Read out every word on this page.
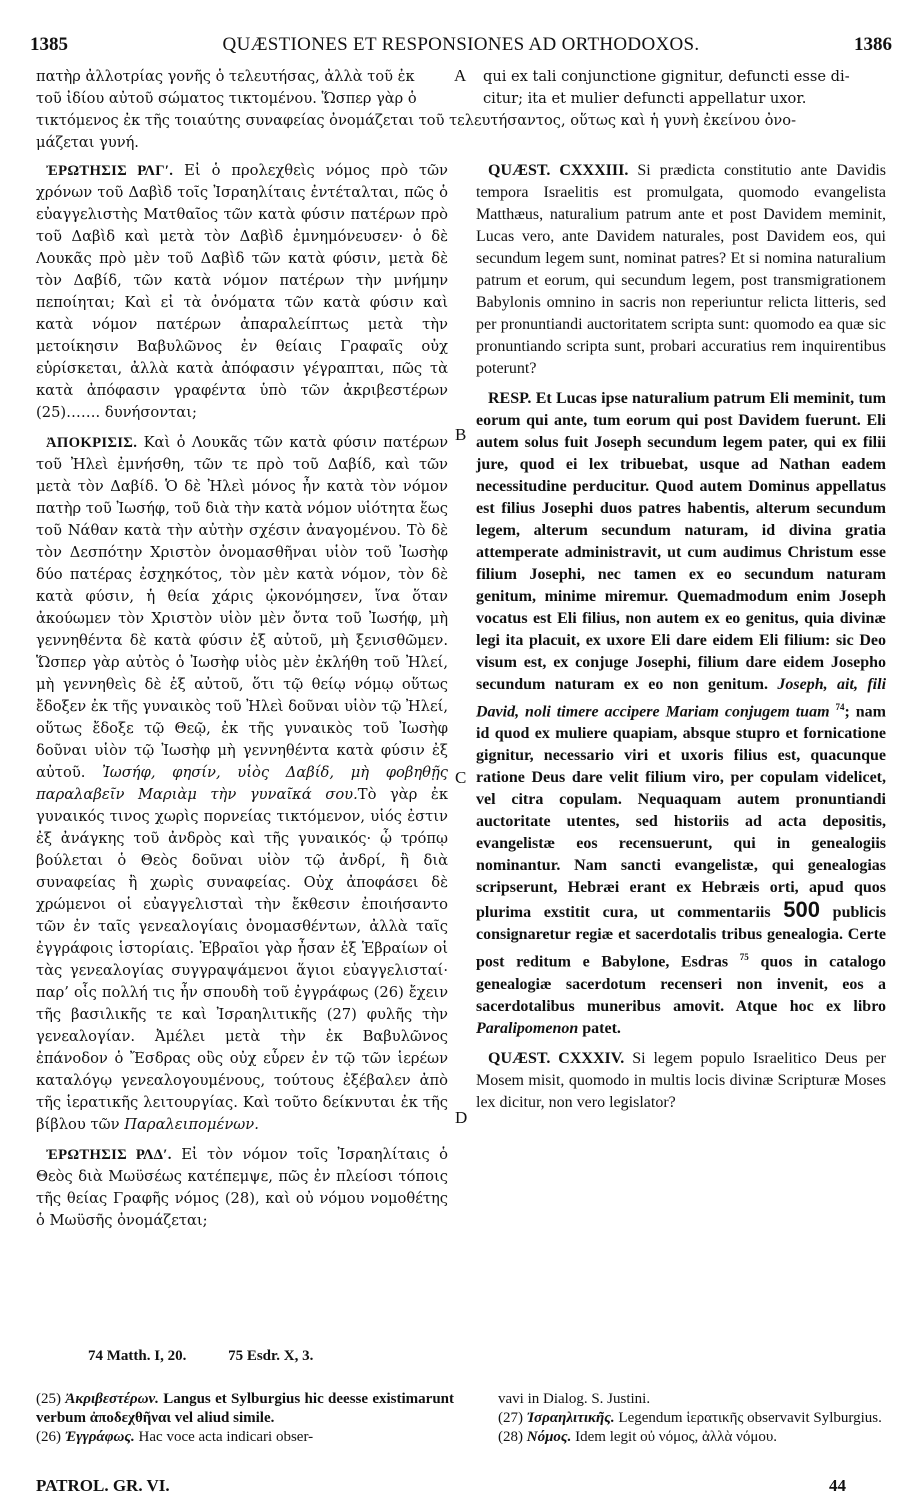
1385	QUÆSTIONES ET RESPONSIONES AD ORTHODOXOS.	1386
πατὴρ ἀλλοτρίας γονῆς ὁ τελευτήσας, ἀλλὰ τοῦ ἐκ A qui ex tali conjunctione gignitur, defuncti esse di-
τοῦ ἰδίου αὐτοῦ σώματος τικτομένου. Ὥσπερ γὰρ ὁ	citur; ita et mulier defuncti appellatur uxor.
τικτόμενος ἐκ τῆς τοιαύτης συναφείας ὀνομάζεται τοῦ τελευτήσαντος, οὕτως καὶ ἡ γυνὴ ἐκείνου ὀνο-
μάζεται γυνή.

ἘΡΩΤΗΣΙΣ ΡΛΓʹ. Εἰ ὁ προλεχθεὶς νόμος πρὸ τῶν χρόνων τοῦ Δαβὶδ τοῖς Ἰσραηλίταις ἐντέταλται, πῶς ὁ εὐαγγελιστὴς Ματθαῖος τῶν κατὰ φύσιν πατέρων πρὸ τοῦ Δαβὶδ καὶ μετὰ τὸν Δαβὶδ ἐμνημόνευσεν· ὁ δὲ Λουκᾶς πρὸ μὲν τοῦ Δαβὶδ τῶν κατὰ φύσιν, μετὰ δὲ τὸν Δαβίδ, τῶν κατὰ νόμον πατέρων τὴν μνήμην πεποίηται; Καὶ εἰ τὰ ὀνόματα τῶν κατὰ φύσιν καὶ κατὰ νόμον πατέρων ἀπαραλείπτως μετὰ τὴν μετοίκησιν Βαβυλῶνος ἐν θείαις Γραφαῖς οὐχ εὑρίσκεται, ἀλλὰ κατὰ ἀπόφασιν γέγραπται, πῶς τὰ κατὰ ἀπόφασιν γραφέντα ὑπὸ τῶν ἀκριβεστέρων (25)……. δυνήσονται;

ἈΠΟΚΡΙΣΙΣ. Καὶ ὁ Λουκᾶς τῶν κατὰ φύσιν πατέρων τοῦ Ἠλεὶ ἐμνήσθη, τῶν τε πρὸ τοῦ Δαβίδ, καὶ τῶν μετὰ τὸν Δαβίδ. Ὁ δὲ Ἠλεὶ μόνος ἦν κατὰ τὸν νόμον πατὴρ τοῦ Ἰωσήφ, τοῦ διὰ τὴν κατὰ νόμον υἱότητα ἕως τοῦ Νάθαν κατὰ τὴν αὐτὴν σχέσιν ἀναγομένου. Τὸ δὲ τὸν Δεσπότην Χριστὸν ὀνομασθῆναι υἱὸν τοῦ Ἰωσὴφ δύο πατέρας ἐσχηκότος, τὸν μὲν κατὰ νόμον, τὸν δὲ κατὰ φύσιν, ἡ θεία χάρις ᾠκονόμησεν, ἵνα ὅταν ἀκούωμεν τὸν Χριστὸν υἱὸν μὲν ὄντα τοῦ Ἰωσήφ, μὴ γεννηθέντα δὲ κατὰ φύσιν ἐξ αὐτοῦ, μὴ ξενισθῶμεν. Ὥσπερ γὰρ αὐτὸς ὁ Ἰωσὴφ υἱὸς μὲν ἐκλήθη τοῦ Ἠλεί, μὴ γεννηθεὶς δὲ ἐξ αὐτοῦ, ὅτι τῷ θείῳ νόμῳ οὕτως ἔδοξεν ἐκ τῆς γυναικὸς τοῦ Ἠλεὶ δοῦναι υἱὸν τῷ Ἠλεί, οὕτως ἔδοξε τῷ Θεῷ, ἐκ τῆς γυναικὸς τοῦ Ἰωσὴφ δοῦναι υἱὸν τῷ Ἰωσὴφ μὴ γεννηθέντα κατὰ φύσιν ἐξ αὐτοῦ. Ἰωσήφ, φησίν, υἱὸς Δαβίδ, μὴ φοβηθῇς παραλαβεῖν Μαριὰμ τὴν γυναῖκά σου.Τὸ γὰρ ἐκ γυναικός τινος χωρὶς πορνείας τικτόμενον, υἱός ἐστιν ἐξ ἀνάγκης τοῦ ἀνδρὸς καὶ τῆς γυναικός· ᾧ τρόπῳ βούλεται ὁ Θεὸς δοῦναι υἱὸν τῷ ἀνδρί, ἢ διὰ συναφείας ἢ χωρὶς συναφείας. Οὐχ ἀποφάσει δὲ χρώμενοι οἱ εὐαγγελισταὶ τὴν ἔκθεσιν ἐποιήσαντο τῶν ἐν ταῖς γενεαλογίαις ὀνομασθέντων, ἀλλὰ ταῖς ἐγγράφοις ἱστορίαις. Ἑβραῖοι γὰρ ἦσαν ἐξ Ἑβραίων οἱ τὰς γενεαλογίας συγγραψάμενοι ἅγιοι εὐαγγελισταί· παρ’ οἷς πολλή τις ἦν σπουδὴ τοῦ ἐγγράφως (26) ἔχειν τῆς βασιλικῆς τε καὶ Ἰσραηλιτικῆς (27) φυλῆς τὴν γενεαλογίαν. Ἀμέλει μετὰ τὴν ἐκ Βαβυλῶνος ἐπάνοδον ὁ Ἔσδρας οὓς οὐχ εὗρεν ἐν τῷ τῶν ἱερέων καταλόγῳ γενεαλογουμένους, τούτους ἐξέβαλεν ἀπὸ τῆς ἱερατικῆς λειτουργίας. Καὶ τοῦτο δείκνυται ἐκ τῆς βίβλου τῶν Παραλειπομένων.

ἘΡΩΤΗΣΙΣ ΡΛΔʹ. Εἰ τὸν νόμον τοῖς Ἰσραηλίταις ὁ Θεὸς διὰ Μωϋσέως κατέπεμψε, πῶς ἐν πλείοσι τόποις τῆς θείας Γραφῆς νόμος (28), καὶ οὐ νόμου νομοθέτης ὁ Μωϋσῆς ὀνομάζεται;

B
C
D

QUÆST. CXXXIII. Si prædicta constitutio ante Davidis tempora Israelitis est promulgata, quomodo evangelista Matthæus, naturalium patrum ante et post Davidem meminit, Lucas vero, ante Davidem naturales, post Davidem eos, qui secundum legem sunt, nominat patres? Et si nomina naturalium patrum et eorum, qui secundum legem, post transmigrationem Babylonis omnino in sacris non reperiuntur relicta litteris, sed per pronuntiandi auctoritatem scripta sunt: quomodo ea quæ sic pronuntiando scripta sunt, probari accuratius rem inquirentibus poterunt?

RESP. Et Lucas ipse naturalium patrum Eli meminit, tum eorum qui ante, tum eorum qui post Davidem fuerunt. Eli autem solus fuit Joseph secundum legem pater, qui ex filii jure, quod ei lex tribuebat, usque ad Nathan eadem necessitudine perducitur. Quod autem Dominus appellatus est filius Josephi duos patres habentis, alterum secundum legem, alterum secundum naturam, id divina gratia attemperate administravit, ut cum audimus Christum esse filium Josephi, nec tamen ex eo secundum naturam genitum, minime miremur. Quemadmodum enim Joseph vocatus est Eli filius, non autem ex eo genitus, quia divinæ legi ita placuit, ex uxore Eli dare eidem Eli filium: sic Deo visum est, ex conjuge Josephi, filium dare eidem Josepho secundum naturam ex eo non genitum. Joseph, ait, fili David, noli timere accipere Mariam conjugem tuam $^{74}$; nam id quod ex muliere quapiam, absque stupro et fornicatione gignitur, necessario viri et uxoris filius est, quacunque ratione Deus dare velit filium viro, per copulam videlicet, vel citra copulam. Nequaquam autem pronuntiandi auctoritate utentes, sed historiis ad acta depositis, evangelistæ eos recensuerunt, qui in genealogiis nominantur. Nam sancti evangelistæ, qui genealogias scripserunt, Hebræi erant ex Hebræis orti, apud quos plurima exstitit cura, ut commentariis 500 publicis consignaretur regiæ et sacerdotalis tribus genealogia. Certe post reditum e Babylone, Esdras $^{75}$ quos in catalogo genealogiæ sacerdotum recenseri non invenit, eos a sacerdotalibus muneribus amovit. Atque hoc ex libro Paralipomenon patet.

QUÆST. CXXXIV. Si legem populo Israelitico Deus per Mosem misit, quomodo in multis locis divinæ Scripturæ Moses lex dicitur, non vero legislator?

74 Matth. I, 20.	75 Esdr. X, 3.

(25) Ἀκριβεστέρων. Langus et Sylburgius hic deesse existimarunt verbum ἀποδεχθῆναι vel aliud simile.

(26) Ἐγγράφως. Hac voce acta indicari obser-

vavi in Dialog. S. Justini.

(27) Ἰσραηλιτικῆς. Legendum ἱερατικῆς observavit Sylburgius.

(28) Νόμος. Idem legit οὐ νόμος, ἀλλὰ νόμου.

PATROL. GR. VI.	44
